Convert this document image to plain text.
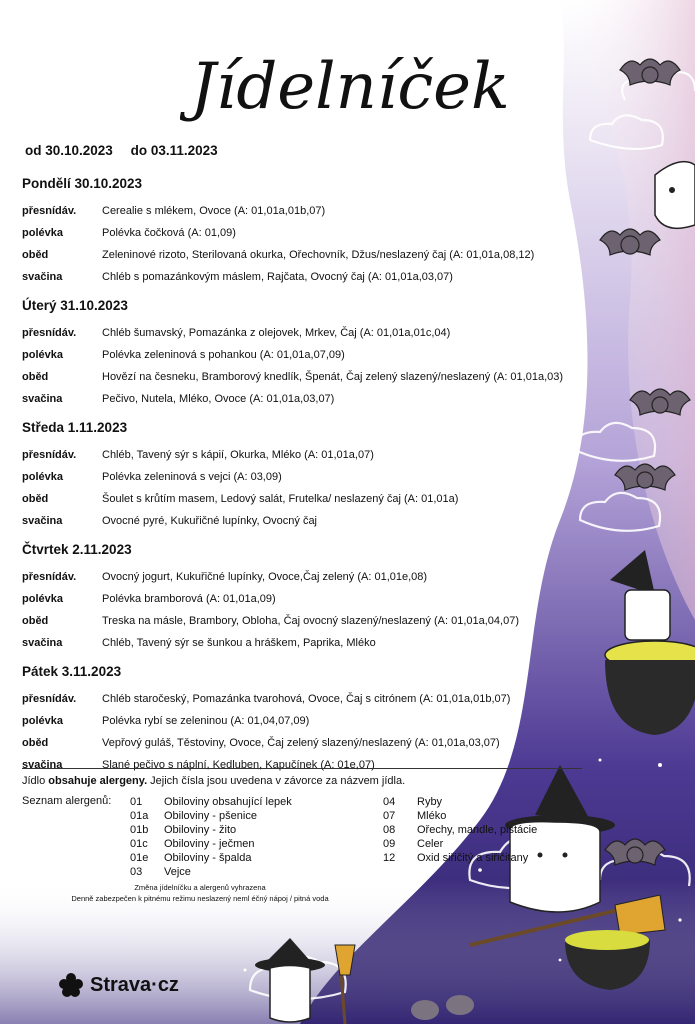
Jídelníček
od 30.10.2023 do 03.11.2023
Pondělí 30.10.2023
přesnídáv.	Cerealie s mlékem, Ovoce (A: 01,01a,01b,07)
polévka	Polévka čočková (A: 01,09)
oběd	Zeleninové rizoto, Sterilovaná okurka, Ořechovník, Džus/neslazený čaj (A: 01,01a,08,12)
svačina	Chléb s pomazánkovým máslem, Rajčata, Ovocný čaj (A: 01,01a,03,07)
Úterý 31.10.2023
přesnídáv.	Chléb šumavský, Pomazánka z olejovek, Mrkev, Čaj (A: 01,01a,01c,04)
polévka	Polévka zeleninová s pohankou (A: 01,01a,07,09)
oběd	Hovězí na česneku, Bramborový knedlík, Špenát, Čaj zelený slazený/neslazený (A: 01,01a,03)
svačina	Pečivo, Nutela, Mléko, Ovoce (A: 01,01a,03,07)
Středa 1.11.2023
přesnídáv.	Chléb, Tavený sýr s kápií, Okurka, Mléko (A: 01,01a,07)
polévka	Polévka zeleninová s vejci (A: 03,09)
oběd	Šoulet s krůtím masem, Ledový salát, Frutelka/ neslazený čaj (A: 01,01a)
svačina	Ovocné pyré, Kukuřičné lupínky, Ovocný čaj
Čtvrtek 2.11.2023
přesnídáv.	Ovocný jogurt, Kukuřičné lupínky, Ovoce,Čaj zelený (A: 01,01e,08)
polévka	Polévka bramborová (A: 01,01a,09)
oběd	Treska na másle, Brambory, Obloha, Čaj ovocný slazený/neslazený (A: 01,01a,04,07)
svačina	Chléb, Tavený sýr se šunkou a hráškem, Paprika, Mléko
Pátek 3.11.2023
přesnídáv.	Chléb staročeský, Pomazánka tvarohová, Ovoce, Čaj s citrónem (A: 01,01a,01b,07)
polévka	Polévka rybí se zeleninou (A: 01,04,07,09)
oběd	Vepřový guláš, Těstoviny, Ovoce, Čaj zelený slazený/neslazený (A: 01,01a,03,07)
svačina	Slané pečivo s náplní, Kedluben, Kapučínek (A: 01e,07)
Jídlo obsahuje alergeny. Jejich čísla jsou uvedena v závorce za názvem jídla.
Seznam alergenů:	01	Obiloviny obsahující lepek
01a	Obiloviny - pšenice
01b	Obiloviny - žito
01c	Obiloviny - ječmen
01e	Obiloviny - špalda
03	Vejce
04	Ryby
07	Mléko
08	Ořechy, mandle, pistácie
09	Celer
12	Oxid siřičitý a siřičitany
Změna jídelníčku a alergenů vyhrazena
Denně zabezpečen k pitnému režimu neslazený neml éčný nápoj / pitná voda
Strava·cz
